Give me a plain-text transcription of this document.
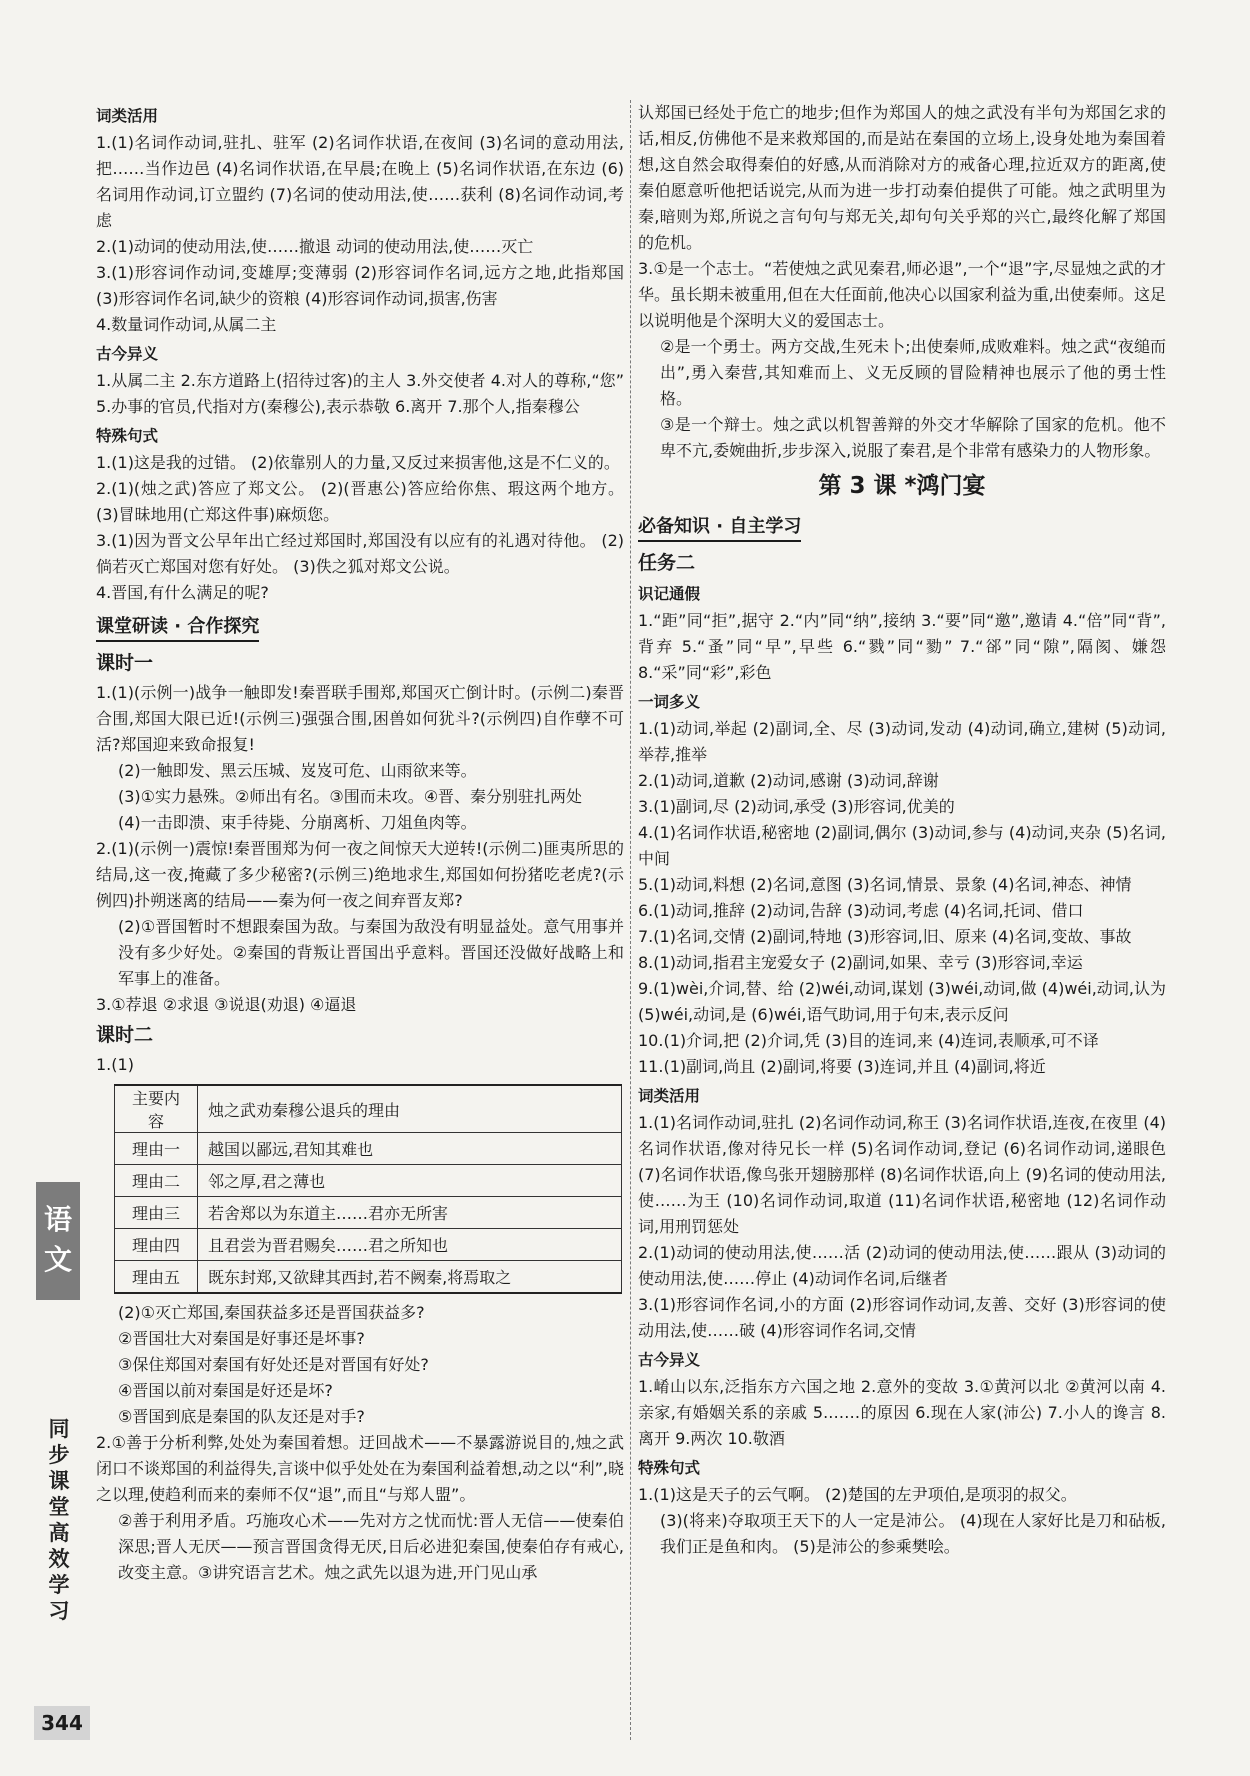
词类活用

1.(1)名词作动词,驻扎、驻军 (2)名词作状语,在夜间 (3)名词的意动用法,把……当作边邑 (4)名词作状语,在早晨;在晚上 (5)名词作状语,在东边 (6)名词用作动词,订立盟约 (7)名词的使动用法,使……获利 (8)名词作动词,考虑

2.(1)动词的使动用法,使……撤退 动词的使动用法,使……灭亡

3.(1)形容词作动词,变雄厚;变薄弱 (2)形容词作名词,远方之地,此指郑国 (3)形容词作名词,缺少的资粮 (4)形容词作动词,损害,伤害

4.数量词作动词,从属二主

古今异义

1.从属二主 2.东方道路上(招待过客)的主人 3.外交使者 4.对人的尊称,“您” 5.办事的官员,代指对方(秦穆公),表示恭敬 6.离开 7.那个人,指秦穆公

特殊句式

1.(1)这是我的过错。 (2)依靠别人的力量,又反过来损害他,这是不仁义的。

2.(1)(烛之武)答应了郑文公。 (2)(晋惠公)答应给你焦、瑕这两个地方。 (3)冒昧地用(亡郑这件事)麻烦您。

3.(1)因为晋文公早年出亡经过郑国时,郑国没有以应有的礼遇对待他。 (2)倘若灭亡郑国对您有好处。 (3)佚之狐对郑文公说。

4.晋国,有什么满足的呢?

课堂研读 · 合作探究
课时一

1.(1)(示例一)战争一触即发!秦晋联手围郑,郑国灭亡倒计时。(示例二)秦晋合围,郑国大限已近!(示例三)强强合围,困兽如何犹斗?(示例四)自作孽不可活?郑国迎来致命报复!

(2)一触即发、黑云压城、岌岌可危、山雨欲来等。

(3)①实力悬殊。②师出有名。③围而未攻。④晋、秦分别驻扎两处

(4)一击即溃、束手待毙、分崩离析、刀俎鱼肉等。

2.(1)(示例一)震惊!秦晋围郑为何一夜之间惊天大逆转!(示例二)匪夷所思的结局,这一夜,掩藏了多少秘密?(示例三)绝地求生,郑国如何扮猪吃老虎?(示例四)扑朔迷离的结局——秦为何一夜之间弃晋友郑?

(2)①晋国暂时不想跟秦国为敌。与秦国为敌没有明显益处。意气用事并没有多少好处。②秦国的背叛让晋国出乎意料。晋国还没做好战略上和军事上的准备。

3.①荐退 ②求退 ③说退(劝退) ④逼退

课时二

1.(1)

主要内容	烛之武劝秦穆公退兵的理由
理由一	越国以鄙远,君知其难也
理由二	邻之厚,君之薄也
理由三	若舍郑以为东道主……君亦无所害
理由四	且君尝为晋君赐矣……君之所知也
理由五	既东封郑,又欲肆其西封,若不阙秦,将焉取之

(2)①灭亡郑国,秦国获益多还是晋国获益多?

②晋国壮大对秦国是好事还是坏事?

③保住郑国对秦国有好处还是对晋国有好处?

④晋国以前对秦国是好还是坏?

⑤晋国到底是秦国的队友还是对手?

2.①善于分析利弊,处处为秦国着想。迂回战术——不暴露游说目的,烛之武闭口不谈郑国的利益得失,言谈中似乎处处在为秦国利益着想,动之以“利”,晓之以理,使趋利而来的秦师不仅“退”,而且“与郑人盟”。

②善于利用矛盾。巧施攻心术——先对方之忧而忧:晋人无信——使秦伯深思;晋人无厌——预言晋国贪得无厌,日后必进犯秦国,使秦伯存有戒心,改变主意。③讲究语言艺术。烛之武先以退为进,开门见山承

认郑国已经处于危亡的地步;但作为郑国人的烛之武没有半句为郑国乞求的话,相反,仿佛他不是来救郑国的,而是站在秦国的立场上,设身处地为秦国着想,这自然会取得秦伯的好感,从而消除对方的戒备心理,拉近双方的距离,使秦伯愿意听他把话说完,从而为进一步打动秦伯提供了可能。烛之武明里为秦,暗则为郑,所说之言句句与郑无关,却句句关乎郑的兴亡,最终化解了郑国的危机。

3.①是一个志士。“若使烛之武见秦君,师必退”,一个“退”字,尽显烛之武的才华。虽长期未被重用,但在大任面前,他决心以国家利益为重,出使秦师。这足以说明他是个深明大义的爱国志士。

②是一个勇士。两方交战,生死未卜;出使秦师,成败难料。烛之武“夜缒而出”,勇入秦营,其知难而上、义无反顾的冒险精神也展示了他的勇士性格。

③是一个辩士。烛之武以机智善辩的外交才华解除了国家的危机。他不卑不亢,委婉曲折,步步深入,说服了秦君,是个非常有感染力的人物形象。

第 3 课 *鸿门宴
必备知识 · 自主学习
任务二
识记通假

1.“距”同“拒”,据守 2.“内”同“纳”,接纳 3.“要”同“邀”,邀请 4.“倍”同“背”,背弃 5.“蚤”同“早”,早些 6.“戮”同“勠” 7.“郤”同“隙”,隔阂、嫌怨 8.“采”同“彩”,彩色

一词多义

1.(1)动词,举起 (2)副词,全、尽 (3)动词,发动 (4)动词,确立,建树 (5)动词,举荐,推举

2.(1)动词,道歉 (2)动词,感谢 (3)动词,辞谢

3.(1)副词,尽 (2)动词,承受 (3)形容词,优美的

4.(1)名词作状语,秘密地 (2)副词,偶尔 (3)动词,参与 (4)动词,夹杂 (5)名词,中间

5.(1)动词,料想 (2)名词,意图 (3)名词,情景、景象 (4)名词,神态、神情

6.(1)动词,推辞 (2)动词,告辞 (3)动词,考虑 (4)名词,托词、借口

7.(1)名词,交情 (2)副词,特地 (3)形容词,旧、原来 (4)名词,变故、事故

8.(1)动词,指君主宠爱女子 (2)副词,如果、幸亏 (3)形容词,幸运

9.(1)wèi,介词,替、给 (2)wéi,动词,谋划 (3)wéi,动词,做 (4)wéi,动词,认为 (5)wéi,动词,是 (6)wéi,语气助词,用于句末,表示反问

10.(1)介词,把 (2)介词,凭 (3)目的连词,来 (4)连词,表顺承,可不译

11.(1)副词,尚且 (2)副词,将要 (3)连词,并且 (4)副词,将近

词类活用

1.(1)名词作动词,驻扎 (2)名词作动词,称王 (3)名词作状语,连夜,在夜里 (4)名词作状语,像对待兄长一样 (5)名词作动词,登记 (6)名词作动词,递眼色 (7)名词作状语,像鸟张开翅膀那样 (8)名词作状语,向上 (9)名词的使动用法,使……为王 (10)名词作动词,取道 (11)名词作状语,秘密地 (12)名词作动词,用刑罚惩处

2.(1)动词的使动用法,使……活 (2)动词的使动用法,使……跟从 (3)动词的使动用法,使……停止 (4)动词作名词,后继者

3.(1)形容词作名词,小的方面 (2)形容词作动词,友善、交好 (3)形容词的使动用法,使……破 (4)形容词作名词,交情

古今异义

1.崤山以东,泛指东方六国之地 2.意外的变故 3.①黄河以北 ②黄河以南 4.亲家,有婚姻关系的亲戚 5.……的原因 6.现在人家(沛公) 7.小人的谗言 8.离开 9.两次 10.敬酒

特殊句式

1.(1)这是天子的云气啊。 (2)楚国的左尹项伯,是项羽的叔父。

(3)(将来)夺取项王天下的人一定是沛公。 (4)现在人家好比是刀和砧板,我们正是鱼和肉。 (5)是沛公的参乘樊哙。

语文
同步课堂 高效学习
344
